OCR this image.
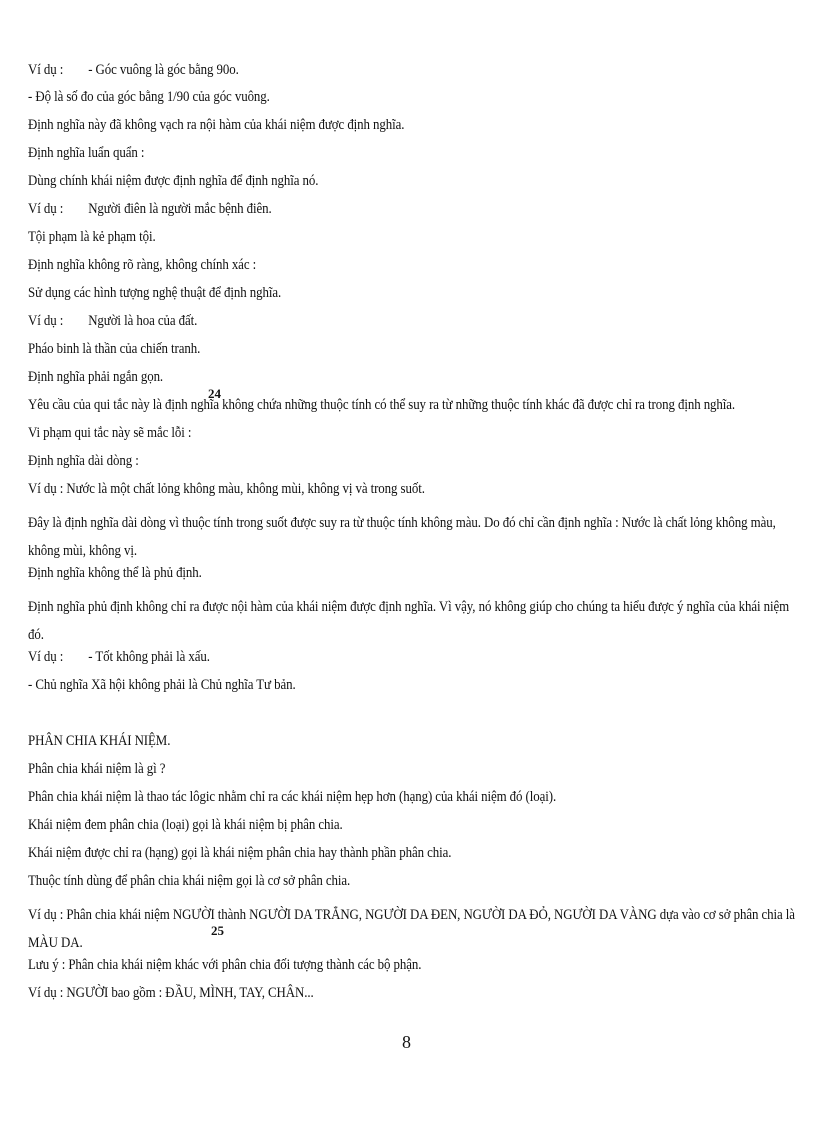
Ví dụ : - Góc vuông là góc bằng 90o.
- Độ là số đo của góc bằng 1/90 của góc vuông.
Định nghĩa này đã không vạch ra nội hàm của khái niệm được định nghĩa.
Định nghĩa luẩn quẩn :
Dùng chính khái niệm được định nghĩa để định nghĩa nó.
Ví dụ : Người điên là người mắc bệnh điên.
Tội phạm là kẻ phạm tội.
Định nghĩa không rõ ràng, không chính xác :
Sử dụng các hình tượng nghệ thuật để định nghĩa.
Ví dụ : Người là hoa của đất.
Pháo binh là thần của chiến tranh.
Định nghĩa phải ngắn gọn.
Yêu cầu của qui tắc này là định nghĩa không chứa những thuộc tính có thể suy ra từ những thuộc tính khác đã được chỉ ra trong định nghĩa.
Vi phạm qui tắc này sẽ mắc lỗi :
Định nghĩa dài dòng :
Ví dụ : Nước là một chất lỏng không màu, không mùi, không vị và trong suốt.
Đây là định nghĩa dài dòng vì thuộc tính trong suốt được suy ra từ thuộc tính không màu. Do đó chỉ cần định nghĩa : Nước là chất lỏng không màu, không mùi, không vị.
Định nghĩa không thể là phủ định.
Định nghĩa phủ định không chỉ ra được nội hàm của khái niệm được định nghĩa. Vì vậy, nó không giúp cho chúng ta hiểu được ý nghĩa của khái niệm đó.
Ví dụ : - Tốt không phải là xấu.
- Chủ nghĩa Xã hội không phải là Chủ nghĩa Tư bản.
PHÂN CHIA KHÁI NIỆM.
Phân chia khái niệm là gì ?
Phân chia khái niệm là thao tác lôgic nhằm chỉ ra các khái niệm hẹp hơn (hạng) của khái niệm đó (loại).
Khái niệm đem phân chia (loại) gọi là khái niệm bị phân chia.
Khái niệm được chỉ ra (hạng) gọi là khái niệm phân chia hay thành phần phân chia.
Thuộc tính dùng để phân chia khái niệm gọi là cơ sở phân chia.
Ví dụ : Phân chia khái niệm NGƯỜI thành NGƯỜI DA TRẮNG, NGƯỜI DA ĐEN, NGƯỜI DA ĐỎ, NGƯỜI DA VÀNG dựa vào cơ sở phân chia là MÀU DA.
Lưu ý : Phân chia khái niệm khác với phân chia đối tượng thành các bộ phận.
Ví dụ : NGƯỜI bao gồm : ĐẦU, MÌNH, TAY, CHÂN...
24
25
8
